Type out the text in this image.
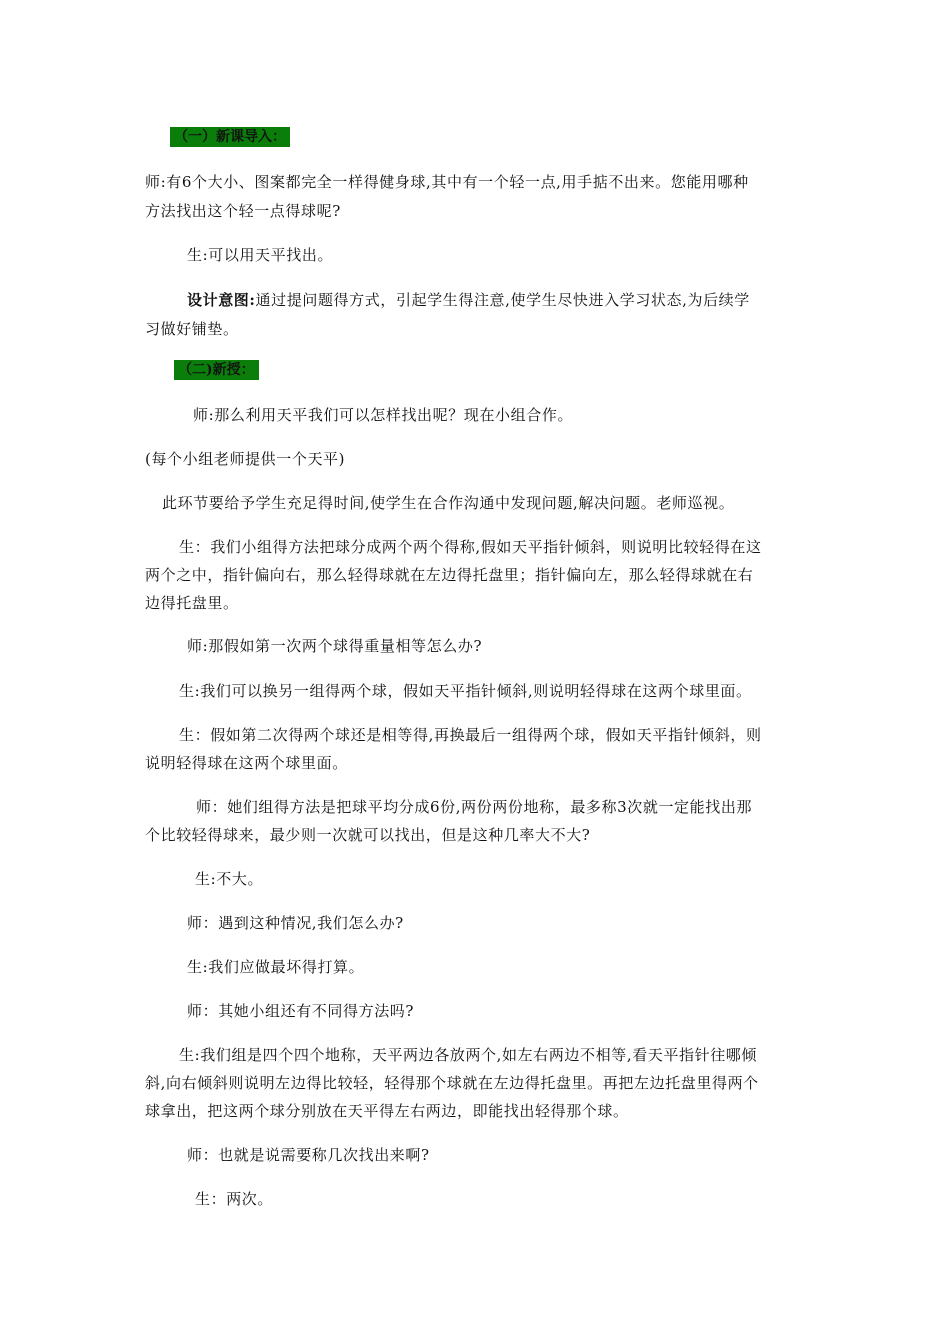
（一）新课导入：
师:有6个大小、图案都完全一样得健身球,其中有一个轻一点,用手掂不出来。您能用哪种
方法找出这个轻一点得球呢?
生:可以用天平找出。
设计意图:通过提问题得方式，引起学生得注意,使学生尽快进入学习状态,为后续学
习做好铺垫。
（二)新授：
师:那么利用天平我们可以怎样找出呢？现在小组合作。
(每个小组老师提供一个天平)
此环节要给予学生充足得时间,使学生在合作沟通中发现问题,解决问题。老师巡视。
生：我们小组得方法把球分成两个两个得称,假如天平指针倾斜，则说明比较轻得在这
两个之中，指针偏向右，那么轻得球就在左边得托盘里；指针偏向左，那么轻得球就在右
边得托盘里。
师:那假如第一次两个球得重量相等怎么办?
生:我们可以换另一组得两个球，假如天平指针倾斜,则说明轻得球在这两个球里面。
生：假如第二次得两个球还是相等得,再换最后一组得两个球，假如天平指针倾斜，则
说明轻得球在这两个球里面。
师：她们组得方法是把球平均分成6份,两份两份地称，最多称3次就一定能找出那
个比较轻得球来，最少则一次就可以找出，但是这种几率大不大?
生:不大。
师：遇到这种情况,我们怎么办?
生:我们应做最坏得打算。
师：其她小组还有不同得方法吗?
生:我们组是四个四个地称，天平两边各放两个,如左右两边不相等,看天平指针往哪倾
斜,向右倾斜则说明左边得比较轻，轻得那个球就在左边得托盘里。再把左边托盘里得两个
球拿出，把这两个球分别放在天平得左右两边，即能找出轻得那个球。
师：也就是说需要称几次找出来啊?
生：两次。
